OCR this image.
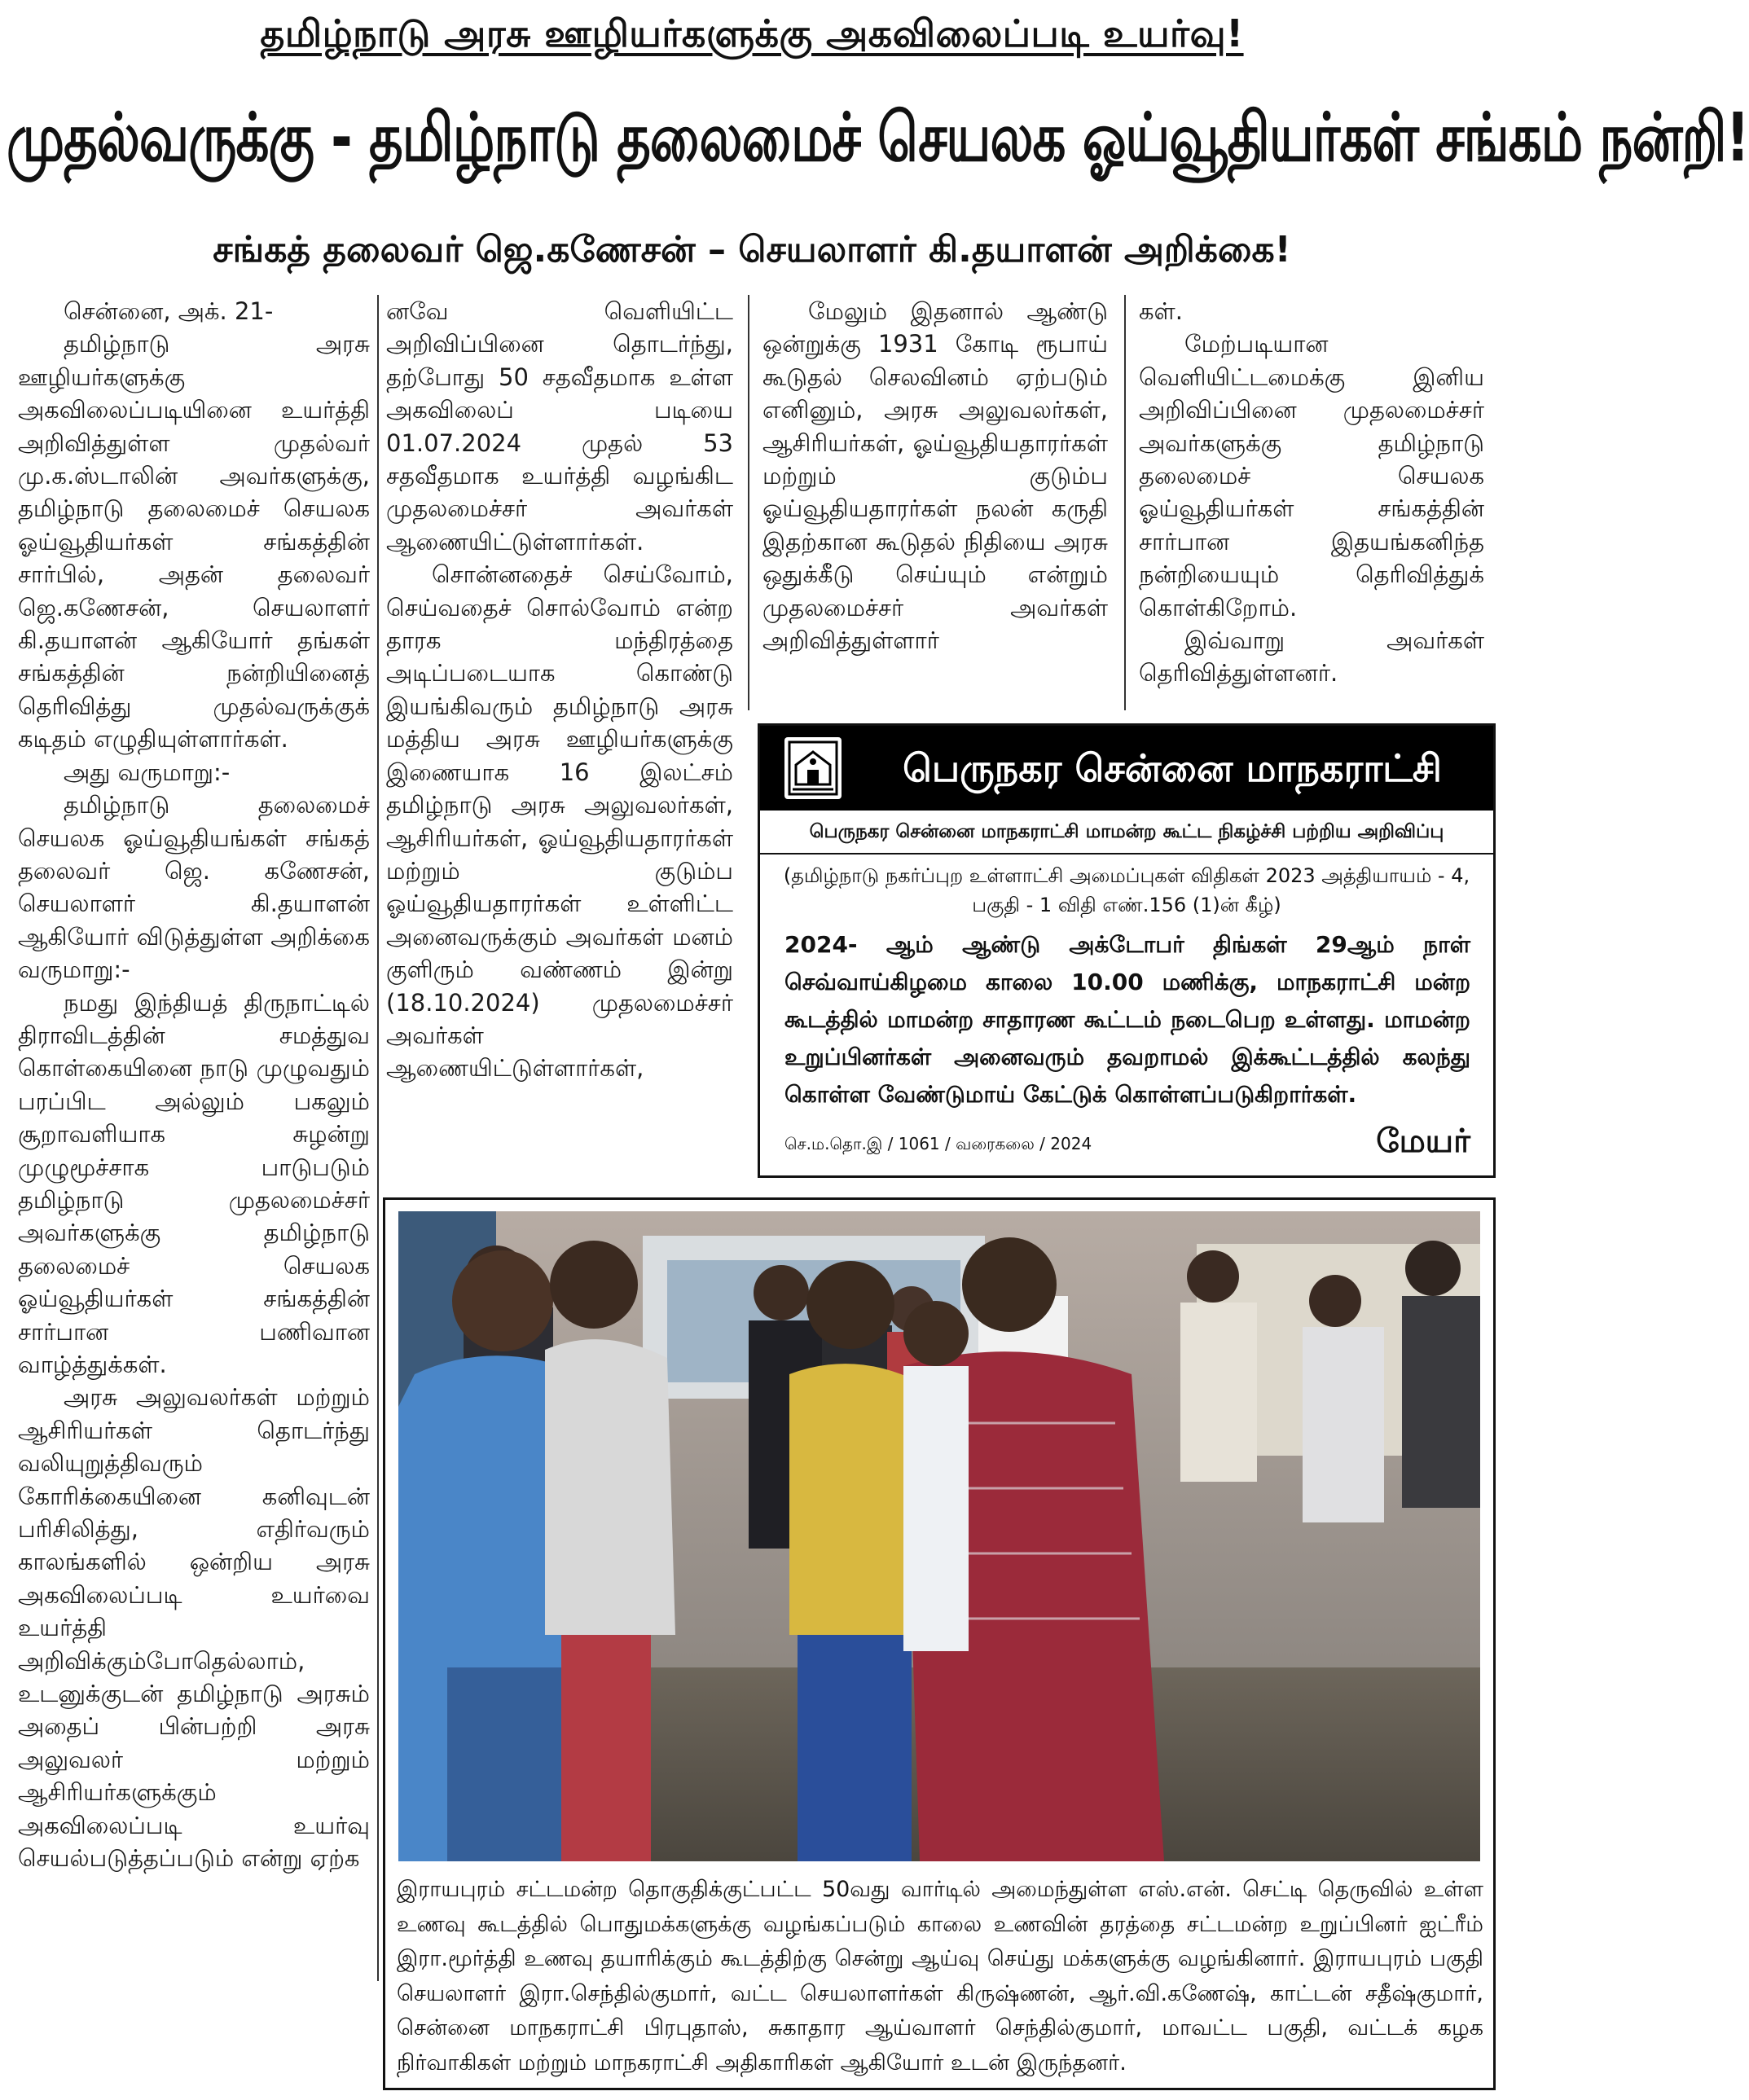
தமிழ்நாடு அரசு ஊழியர்களுக்கு அகவிலைப்படி உயர்வு!
முதல்வருக்கு - தமிழ்நாடு தலைமைச் செயலக ஓய்வூதியர்கள் சங்கம் நன்றி!
சங்கத் தலைவர் ஜெ.கணேசன் – செயலாளர் கி.தயாளன் அறிக்கை!

சென்னை, அக். 21-

தமிழ்நாடு அரசு ஊழியர்களுக்கு அகவிலைப்படியினை உயர்த்தி அறிவித்துள்ள முதல்வர் மு.க.ஸ்டாலின் அவர்களுக்கு, தமிழ்நாடு தலைமைச் செயலக ஓய்வூதியர்கள் சங்கத்தின் சார்பில், அதன் தலைவர் ஜெ.கணேசன், செயலாளர் கி.தயாளன் ஆகியோர் தங்கள் சங்கத்தின் நன்றியினைத் தெரிவித்து முதல்வருக்குக் கடிதம் எழுதியுள்ளார்கள்.

அது வருமாறு:-

தமிழ்நாடு தலைமைச் செயலக ஓய்வூதியங்கள் சங்கத் தலைவர் ஜெ. கணேசன், செயலாளர் கி.தயாளன் ஆகியோர் விடுத்துள்ள அறிக்கை வருமாறு:-

நமது இந்தியத் திருநாட்டில் திராவிடத்தின் சமத்துவ கொள்கையினை நாடு முழுவதும் பரப்பிட அல்லும் பகலும் சூறாவளியாக சுழன்று முழுமூச்சாக பாடுபடும் தமிழ்நாடு முதலமைச்சர் அவர்களுக்கு தமிழ்நாடு தலைமைச் செயலக ஓய்வூதியர்கள் சங்கத்தின் சார்பான பணிவான வாழ்த்துக்கள்.

அரசு அலுவலர்கள் மற்றும் ஆசிரியர்கள் தொடர்ந்து வலியுறுத்திவரும் கோரிக்கையினை கனிவுடன் பரிசிலித்து, எதிர்வரும் காலங்களில் ஒன்றிய அரசு அகவிலைப்படி உயர்வை உயர்த்தி அறிவிக்கும்போதெல்லாம், உடனுக்குடன் தமிழ்நாடு அரசும் அதைப் பின்பற்றி அரசு அலுவலர் மற்றும் ஆசிரியர்களுக்கும் அகவிலைப்படி உயர்வு செயல்படுத்தப்படும் என்று ஏற்க

னவே வெளியிட்ட அறிவிப்பினை தொடர்ந்து, தற்போது 50 சதவீதமாக உள்ள அகவிலைப் படியை 01.07.2024 முதல் 53 சதவீதமாக உயர்த்தி வழங்கிட முதலமைச்சர் அவர்கள் ஆணையிட்டுள்ளார்கள்.

சொன்னதைச் செய்வோம், செய்வதைச் சொல்வோம் என்ற தாரக மந்திரத்தை அடிப்படையாக கொண்டு இயங்கிவரும் தமிழ்நாடு அரசு மத்திய அரசு ஊழியர்களுக்கு இணையாக 16 இலட்சம் தமிழ்நாடு அரசு அலுவலர்கள், ஆசிரியர்கள், ஓய்வூதியதாரர்கள் மற்றும் குடும்ப ஓய்வூதியதாரர்கள் உள்ளிட்ட அனைவருக்கும் அவர்கள் மனம் குளிரும் வண்ணம் இன்று (18.10.2024) முதலமைச்சர் அவர்கள் ஆணையிட்டுள்ளார்கள்,

மேலும் இதனால் ஆண்டு ஒன்றுக்கு 1931 கோடி ரூபாய் கூடுதல் செலவினம் ஏற்படும் எனினும், அரசு அலுவலர்கள், ஆசிரியர்கள், ஓய்வூதியதாரர்கள் மற்றும் குடும்ப ஓய்வூதியதாரர்கள் நலன் கருதி இதற்கான கூடுதல் நிதியை அரசு ஒதுக்கீடு செய்யும் என்றும் முதலமைச்சர் அவர்கள் அறிவித்துள்ளார்

கள்.

மேற்படியான வெளியிட்டமைக்கு இனிய அறிவிப்பினை முதலமைச்சர் அவர்களுக்கு தமிழ்நாடு தலைமைச் செயலக ஓய்வூதியர்கள் சங்கத்தின் சார்பான இதயங்கனிந்த நன்றியையும் தெரிவித்துக் கொள்கிறோம்.

இவ்வாறு அவர்கள் தெரிவித்துள்ளனர்.

பெருநகர சென்னை மாநகராட்சி
பெருநகர சென்னை மாநகராட்சி மாமன்ற கூட்ட நிகழ்ச்சி பற்றிய அறிவிப்பு
(தமிழ்நாடு நகர்ப்புற உள்ளாட்சி அமைப்புகள் விதிகள் 2023 அத்தியாயம் - 4, பகுதி - 1 விதி எண்.156 (1)ன் கீழ்)
2024- ஆம் ஆண்டு அக்டோபர் திங்கள் 29ஆம் நாள் செவ்வாய்கிழமை காலை 10.00 மணிக்கு, மாநகராட்சி மன்ற கூடத்தில் மாமன்ற சாதாரண கூட்டம் நடைபெற உள்ளது. மாமன்ற உறுப்பினர்கள் அனைவரும் தவறாமல் இக்கூட்டத்தில் கலந்து கொள்ள வேண்டுமாய் கேட்டுக் கொள்ளப்படுகிறார்கள்.
செ.ம.தொ.இ / 1061 / வரைகலை / 2024	மேயர்
இராயபுரம் சட்டமன்ற தொகுதிக்குட்பட்ட 50வது வார்டில் அமைந்துள்ள எஸ்.என். செட்டி தெருவில் உள்ள உணவு கூடத்தில் பொதுமக்களுக்கு வழங்கப்படும் காலை உணவின் தரத்தை சட்டமன்ற உறுப்பினர் ஐட்ரீம் இரா.மூர்த்தி உணவு தயாரிக்கும் கூடத்திற்கு சென்று ஆய்வு செய்து மக்களுக்கு வழங்கினார். இராயபுரம் பகுதி செயலாளர் இரா.செந்தில்குமார், வட்ட செயலாளர்கள் கிருஷ்ணன், ஆர்.வி.கணேஷ், காட்டன் சதீஷ்குமார், சென்னை மாநகராட்சி பிரபுதாஸ், சுகாதார ஆய்வாளர் செந்தில்குமார், மாவட்ட பகுதி, வட்டக் கழக நிர்வாகிகள் மற்றும் மாநகராட்சி அதிகாரிகள் ஆகியோர் உடன் இருந்தனர்.
